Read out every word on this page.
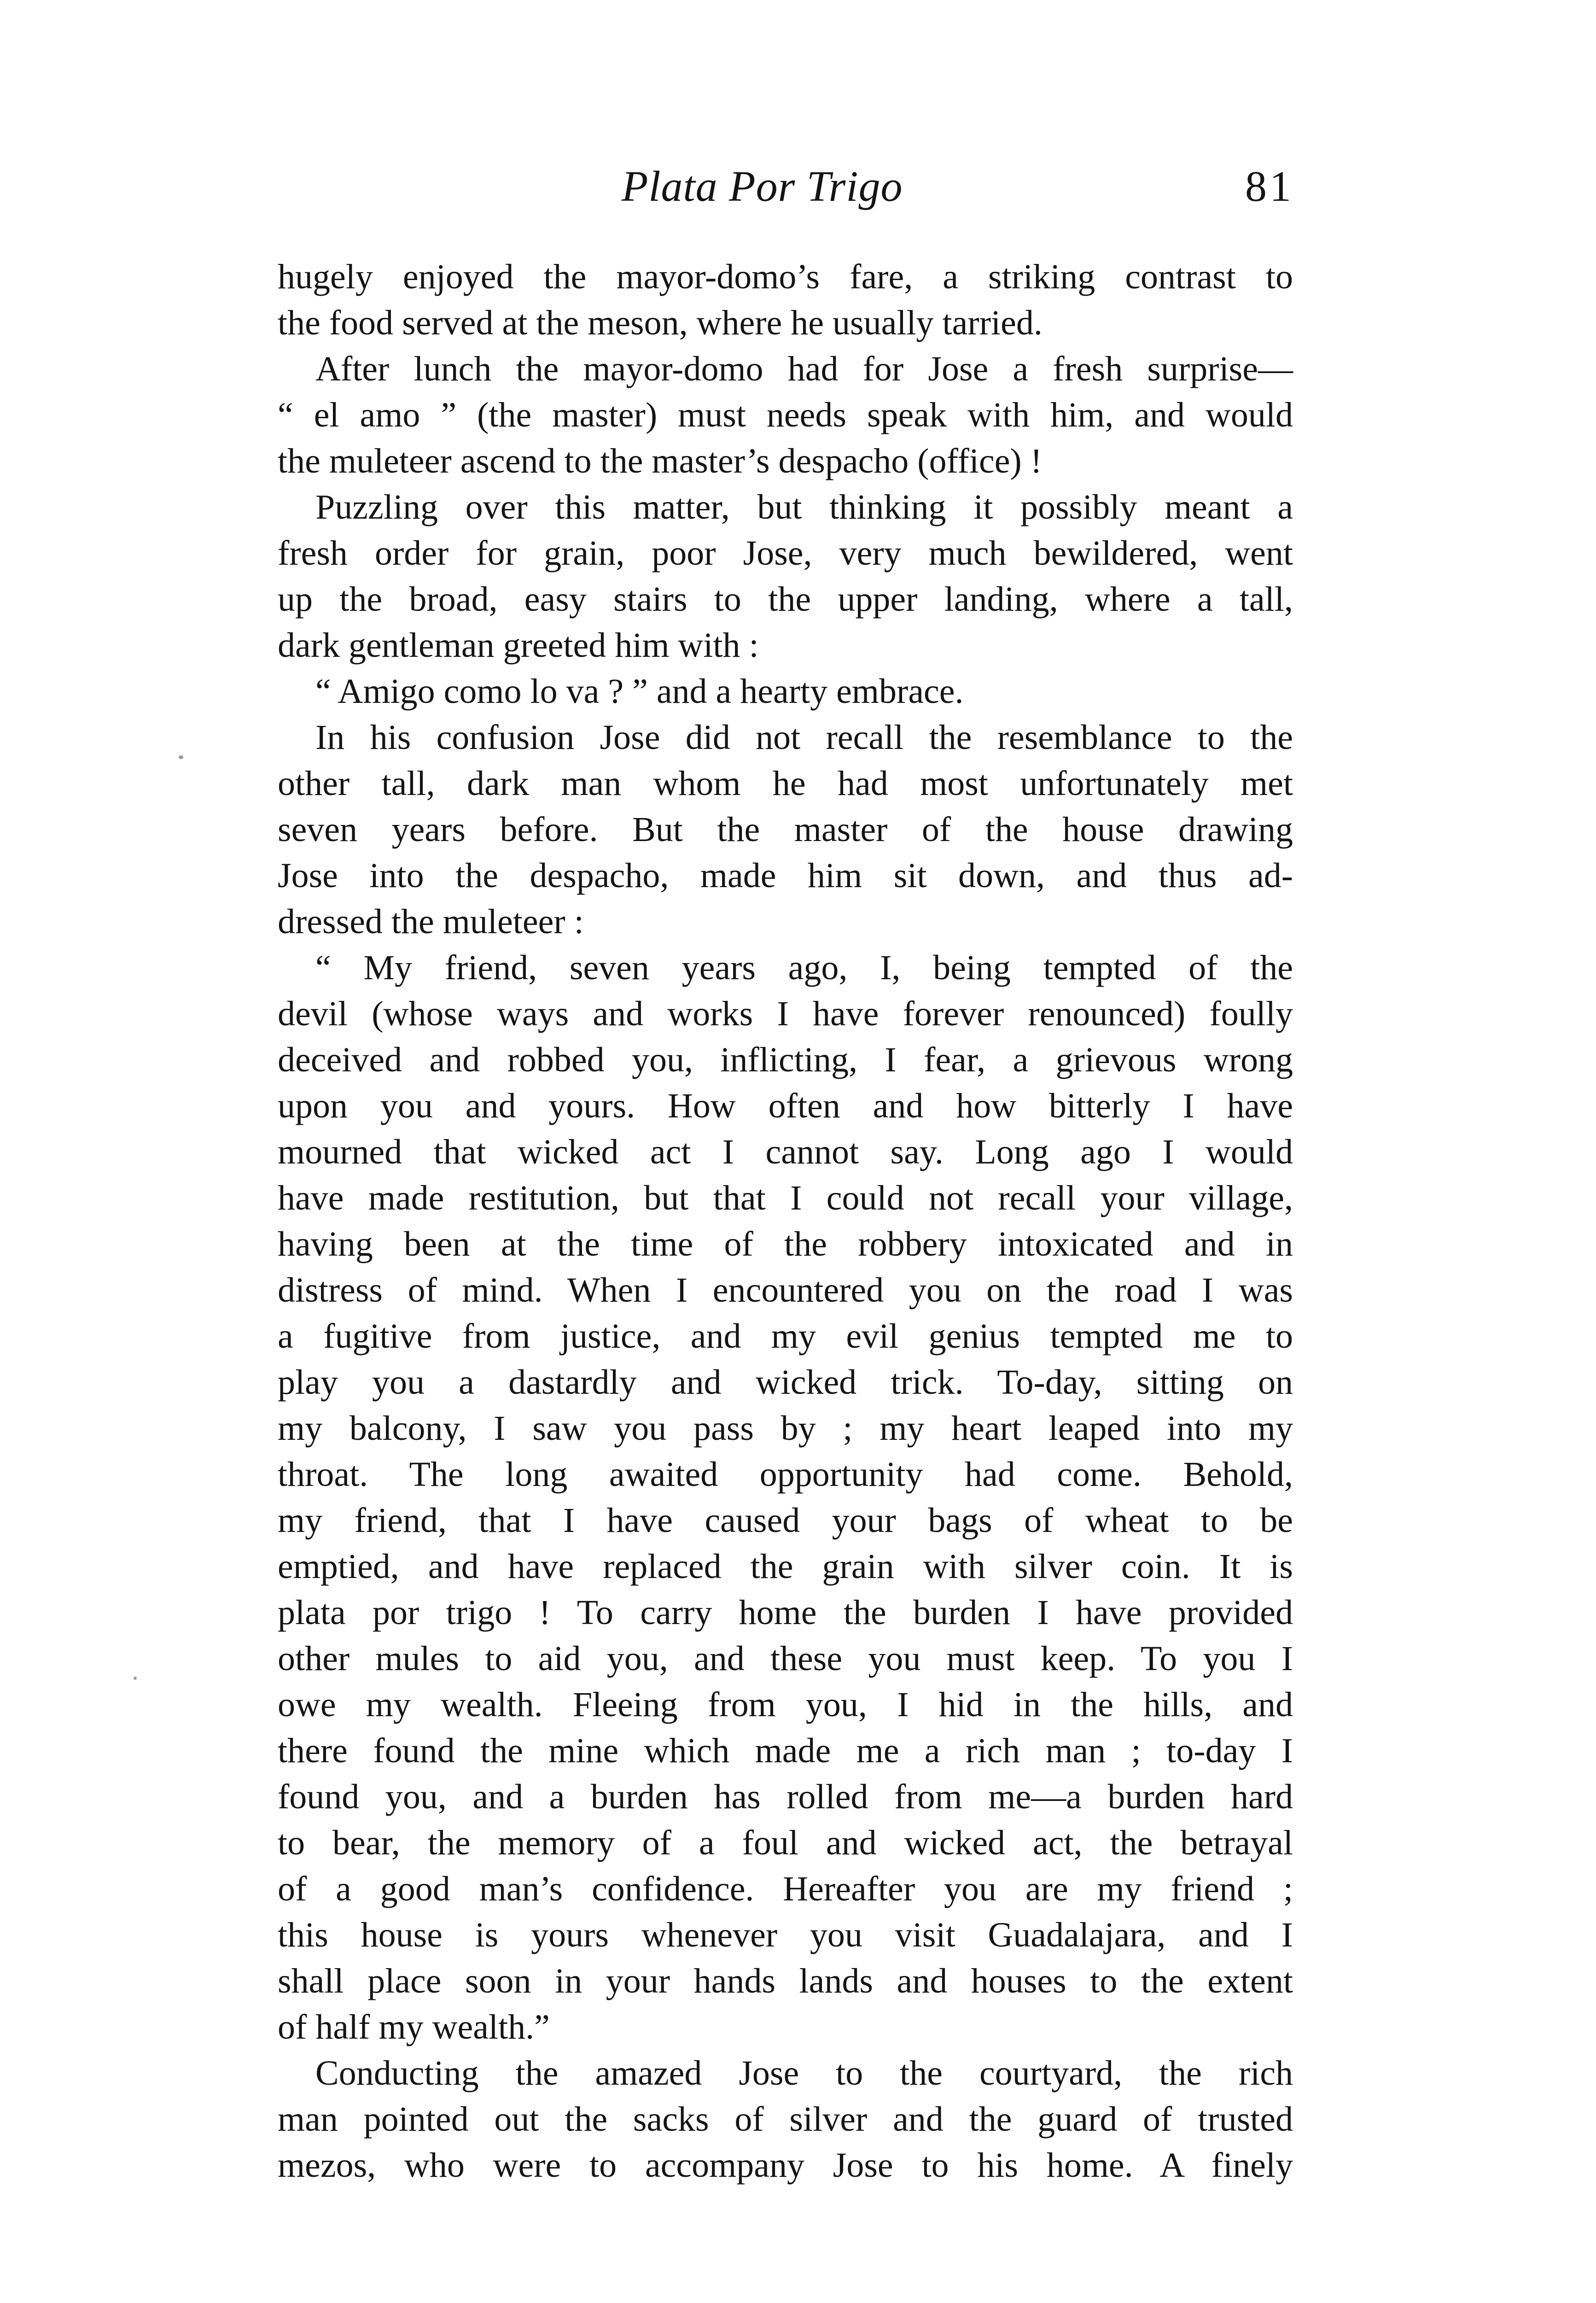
Plata Por Trigo	81
hugely enjoyed the mayor-domo’s fare, a striking contrast to
the food served at the meson, where he usually tarried.
After lunch the mayor-domo had for Jose a fresh surprise—
“ el amo ” (the master) must needs speak with him, and would
the muleteer ascend to the master’s despacho (office) !
Puzzling over this matter, but thinking it possibly meant a
fresh order for grain, poor Jose, very much bewildered, went
up the broad, easy stairs to the upper landing, where a tall,
dark gentleman greeted him with :
“ Amigo como lo va ? ” and a hearty embrace.
In his confusion Jose did not recall the resemblance to the
other tall, dark man whom he had most unfortunately met
seven years before. But the master of the house drawing
Jose into the despacho, made him sit down, and thus ad-
dressed the muleteer :
“ My friend, seven years ago, I, being tempted of the
devil (whose ways and works I have forever renounced) foully
deceived and robbed you, inflicting, I fear, a grievous wrong
upon you and yours. How often and how bitterly I have
mourned that wicked act I cannot say. Long ago I would
have made restitution, but that I could not recall your village,
having been at the time of the robbery intoxicated and in
distress of mind. When I encountered you on the road I was
a fugitive from justice, and my evil genius tempted me to
play you a dastardly and wicked trick. To-day, sitting on
my balcony, I saw you pass by ; my heart leaped into my
throat. The long awaited opportunity had come. Behold,
my friend, that I have caused your bags of wheat to be
emptied, and have replaced the grain with silver coin. It is
plata por trigo ! To carry home the burden I have provided
other mules to aid you, and these you must keep. To you I
owe my wealth. Fleeing from you, I hid in the hills, and
there found the mine which made me a rich man ; to-day I
found you, and a burden has rolled from me—a burden hard
to bear, the memory of a foul and wicked act, the betrayal
of a good man’s confidence. Hereafter you are my friend ;
this house is yours whenever you visit Guadalajara, and I
shall place soon in your hands lands and houses to the extent
of half my wealth.”
Conducting the amazed Jose to the courtyard, the rich
man pointed out the sacks of silver and the guard of trusted
mezos, who were to accompany Jose to his home. A finely
